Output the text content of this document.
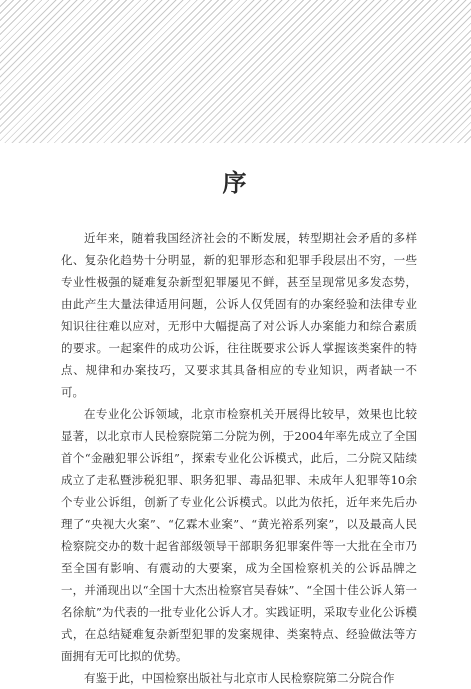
序

近年来，随着我国经济社会的不断发展，转型期社会矛盾的多样化、复杂化趋势十分明显，新的犯罪形态和犯罪手段层出不穷，一些专业性极强的疑难复杂新型犯罪屡见不鲜，甚至呈现常见多发态势，由此产生大量法律适用问题，公诉人仅凭固有的办案经验和法律专业知识往往难以应对，无形中大幅提高了对公诉人办案能力和综合素质的要求。一起案件的成功公诉，往往既要求公诉人掌握该类案件的特点、规律和办案技巧，又要求其具备相应的专业知识，两者缺一不可。

在专业化公诉领域，北京市检察机关开展得比较早，效果也比较显著，以北京市人民检察院第二分院为例，于2004年率先成立了全国首个“金融犯罪公诉组”，探索专业化公诉模式，此后，二分院又陆续成立了走私暨涉税犯罪、职务犯罪、毒品犯罪、未成年人犯罪等10余个专业公诉组，创新了专业化公诉模式。以此为依托，近年来先后办理了“央视大火案”、“亿霖木业案”、“黄光裕系列案”，以及最高人民检察院交办的数十起省部级领导干部职务犯罪案件等一大批在全市乃至全国有影响、有震动的大要案，成为全国检察机关的公诉品牌之一，并涌现出以“全国十大杰出检察官吴春妹”、“全国十佳公诉人第一名徐航”为代表的一批专业化公诉人才。实践证明，采取专业化公诉模式，在总结疑难复杂新型犯罪的发案规律、类案特点、经验做法等方面拥有无可比拟的优势。

有鉴于此，中国检察出版社与北京市人民检察院第二分院合作
